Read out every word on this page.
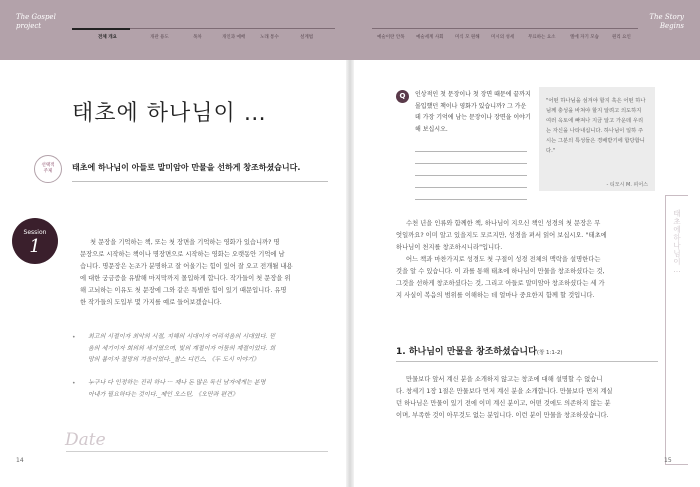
The Gospel
project
전체 개요	개관 용도	목차	개인과 예배	노래 통수	설계법	예술이란 안목	예술세계 사회	미식 모 원해	미시의 성세	무료하는 요소	엘에 자기 모습	원리 요인
The Story
Begins
태초에 하나님이 …
선택적
주제 태초에 하나님이 아들로 말미암아 만물을 선하게 창조하셨습니다.
Session
1	첫 문장을 기억하는 책, 또는 첫 장면을 기억하는 영화가 있습니까? 명
문장으로 시작하는 책이나 명장면으로 시작하는 영화는 오랫동안 기억에 남
습니다. 명문장은 논조가 분명하고 잘 어울기는 힘이 있어 잘 오고 전개될 내용
에 대한 궁금증을 유발해 마지막까지 몰입하게 합니다. 작가들이 첫 문장을 위
해 고뇌하는 이유도 첫 문장에 그와 같은 특별한 힘이 있기 때문입니다. 유명
한 작가들의 도입부 몇 가지를 예로 들어보겠습니다.
• 최고의 시절이자 최악의 시절, 지혜의 시대이자 어리석음의 시대였다. 믿
음의 세기이자 회의의 세기였으며, 빛의 계절이자 어둠의 계절이었다. 희
망의 봄이자 절망의 겨울이었다._찰스 디킨스, 《두 도시 이야기》
• 누구나 다 인정하는 진리 하나 ··· 재나 돈 많은 독신 남자에게는 분명
아내가 필요하다는 것이다._제인 오스틴, 《오만과 편견》
Date
14
Q	인상적인 첫 문장이나 첫 장면 때문에 끝까지 몰입했던 책이나 영화가 있습니까? 그 가운데 가장 기억에 남는 문장이나 장면을 이야기해 보십시오.
"어떤 하나님을 섬겨야 할지 혹은 어떤 하나님께 충성을 바쳐야 할지 알려고 의도하지 여러 옥토에 빠져나 지금 알고 가운데 우리는 자신을 나타내십니다. 하나님이 일하 주시는 그분의 특성들은 경배받기에 합당합니다."
- 티모시 M. 피어스
수천 년을 인류와 함께한 책, 하나님이 지으신 책인 성경의 첫 문장은 무
엇일까요? 이미 알고 있을지도 모르지만, 성경을 펴서 읽어 보십시오. "태초에
하나님이 천지를 창조하시니라"입니다.
어느 책과 마찬가지로 성경도 첫 구절이 성경 전체의 맥락을 설명한다는
것을 알 수 있습니다. 이 과를 통해 태초에 하나님이 만물을 창조하셨다는 것,
그것을 선하게 창조하셨다는 것, 그리고 아들로 말미암아 창조하셨다는 세 가
지 사실이 복음의 범위를 이해하는 데 얼마나 중요한지 함께 할 것입니다.
1. 하나님이 만물을 창조하셨습니다(창 1:1-2)
만물보다 앞서 계신 분을 소개하지 않고는 창조에 대해 설명할 수 없습니
다. 창세기 1장 1절은 만물보다 먼저 계신 분을 소개합니다. 만물보다 먼저 계실
던 하나님은 만물이 있기 전에 이미 계신 분이고, 어떤 것에도 의존하지 않는 분
이며, 부족한 것이 아무것도 없는 분입니다. 이런 분이 만물을 창조하셨습니다.
태초에 하나님이 …
15
